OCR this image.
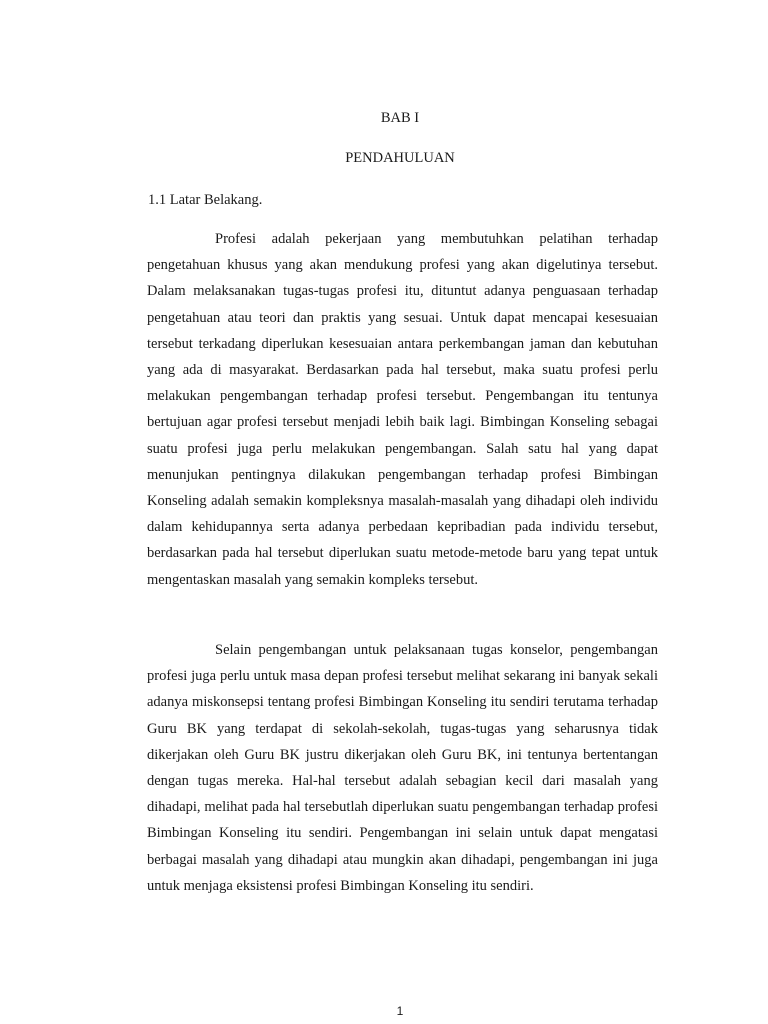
BAB I
PENDAHULUAN
1.1 Latar Belakang.

Profesi adalah pekerjaan yang membutuhkan pelatihan terhadap pengetahuan khusus yang akan mendukung profesi yang akan digelutinya tersebut. Dalam melaksanakan tugas-tugas profesi itu, dituntut adanya penguasaan terhadap pengetahuan atau teori dan praktis yang sesuai. Untuk dapat mencapai kesesuaian tersebut terkadang diperlukan kesesuaian antara perkembangan jaman dan kebutuhan yang ada di masyarakat. Berdasarkan pada hal tersebut, maka suatu profesi perlu melakukan pengembangan terhadap profesi tersebut. Pengembangan itu tentunya bertujuan agar profesi tersebut menjadi lebih baik lagi. Bimbingan Konseling sebagai suatu profesi juga perlu melakukan pengembangan. Salah satu hal yang dapat menunjukan pentingnya dilakukan pengembangan terhadap profesi Bimbingan Konseling adalah semakin kompleksnya masalah-masalah yang dihadapi oleh individu dalam kehidupannya serta adanya perbedaan kepribadian pada individu tersebut, berdasarkan pada hal tersebut diperlukan suatu metode-metode baru yang tepat untuk mengentaskan masalah yang semakin kompleks tersebut.

Selain pengembangan untuk pelaksanaan tugas konselor, pengembangan profesi juga perlu untuk masa depan profesi tersebut melihat sekarang ini banyak sekali adanya miskonsepsi tentang profesi Bimbingan Konseling itu sendiri terutama terhadap Guru BK yang terdapat di sekolah-sekolah, tugas-tugas yang seharusnya tidak dikerjakan oleh Guru BK justru dikerjakan oleh Guru BK, ini tentunya bertentangan dengan tugas mereka. Hal-hal tersebut adalah sebagian kecil dari masalah yang dihadapi, melihat pada hal tersebutlah diperlukan suatu pengembangan terhadap profesi Bimbingan Konseling itu sendiri. Pengembangan ini selain untuk dapat mengatasi berbagai masalah yang dihadapi atau mungkin akan dihadapi, pengembangan ini juga untuk menjaga eksistensi profesi Bimbingan Konseling itu sendiri.

1
